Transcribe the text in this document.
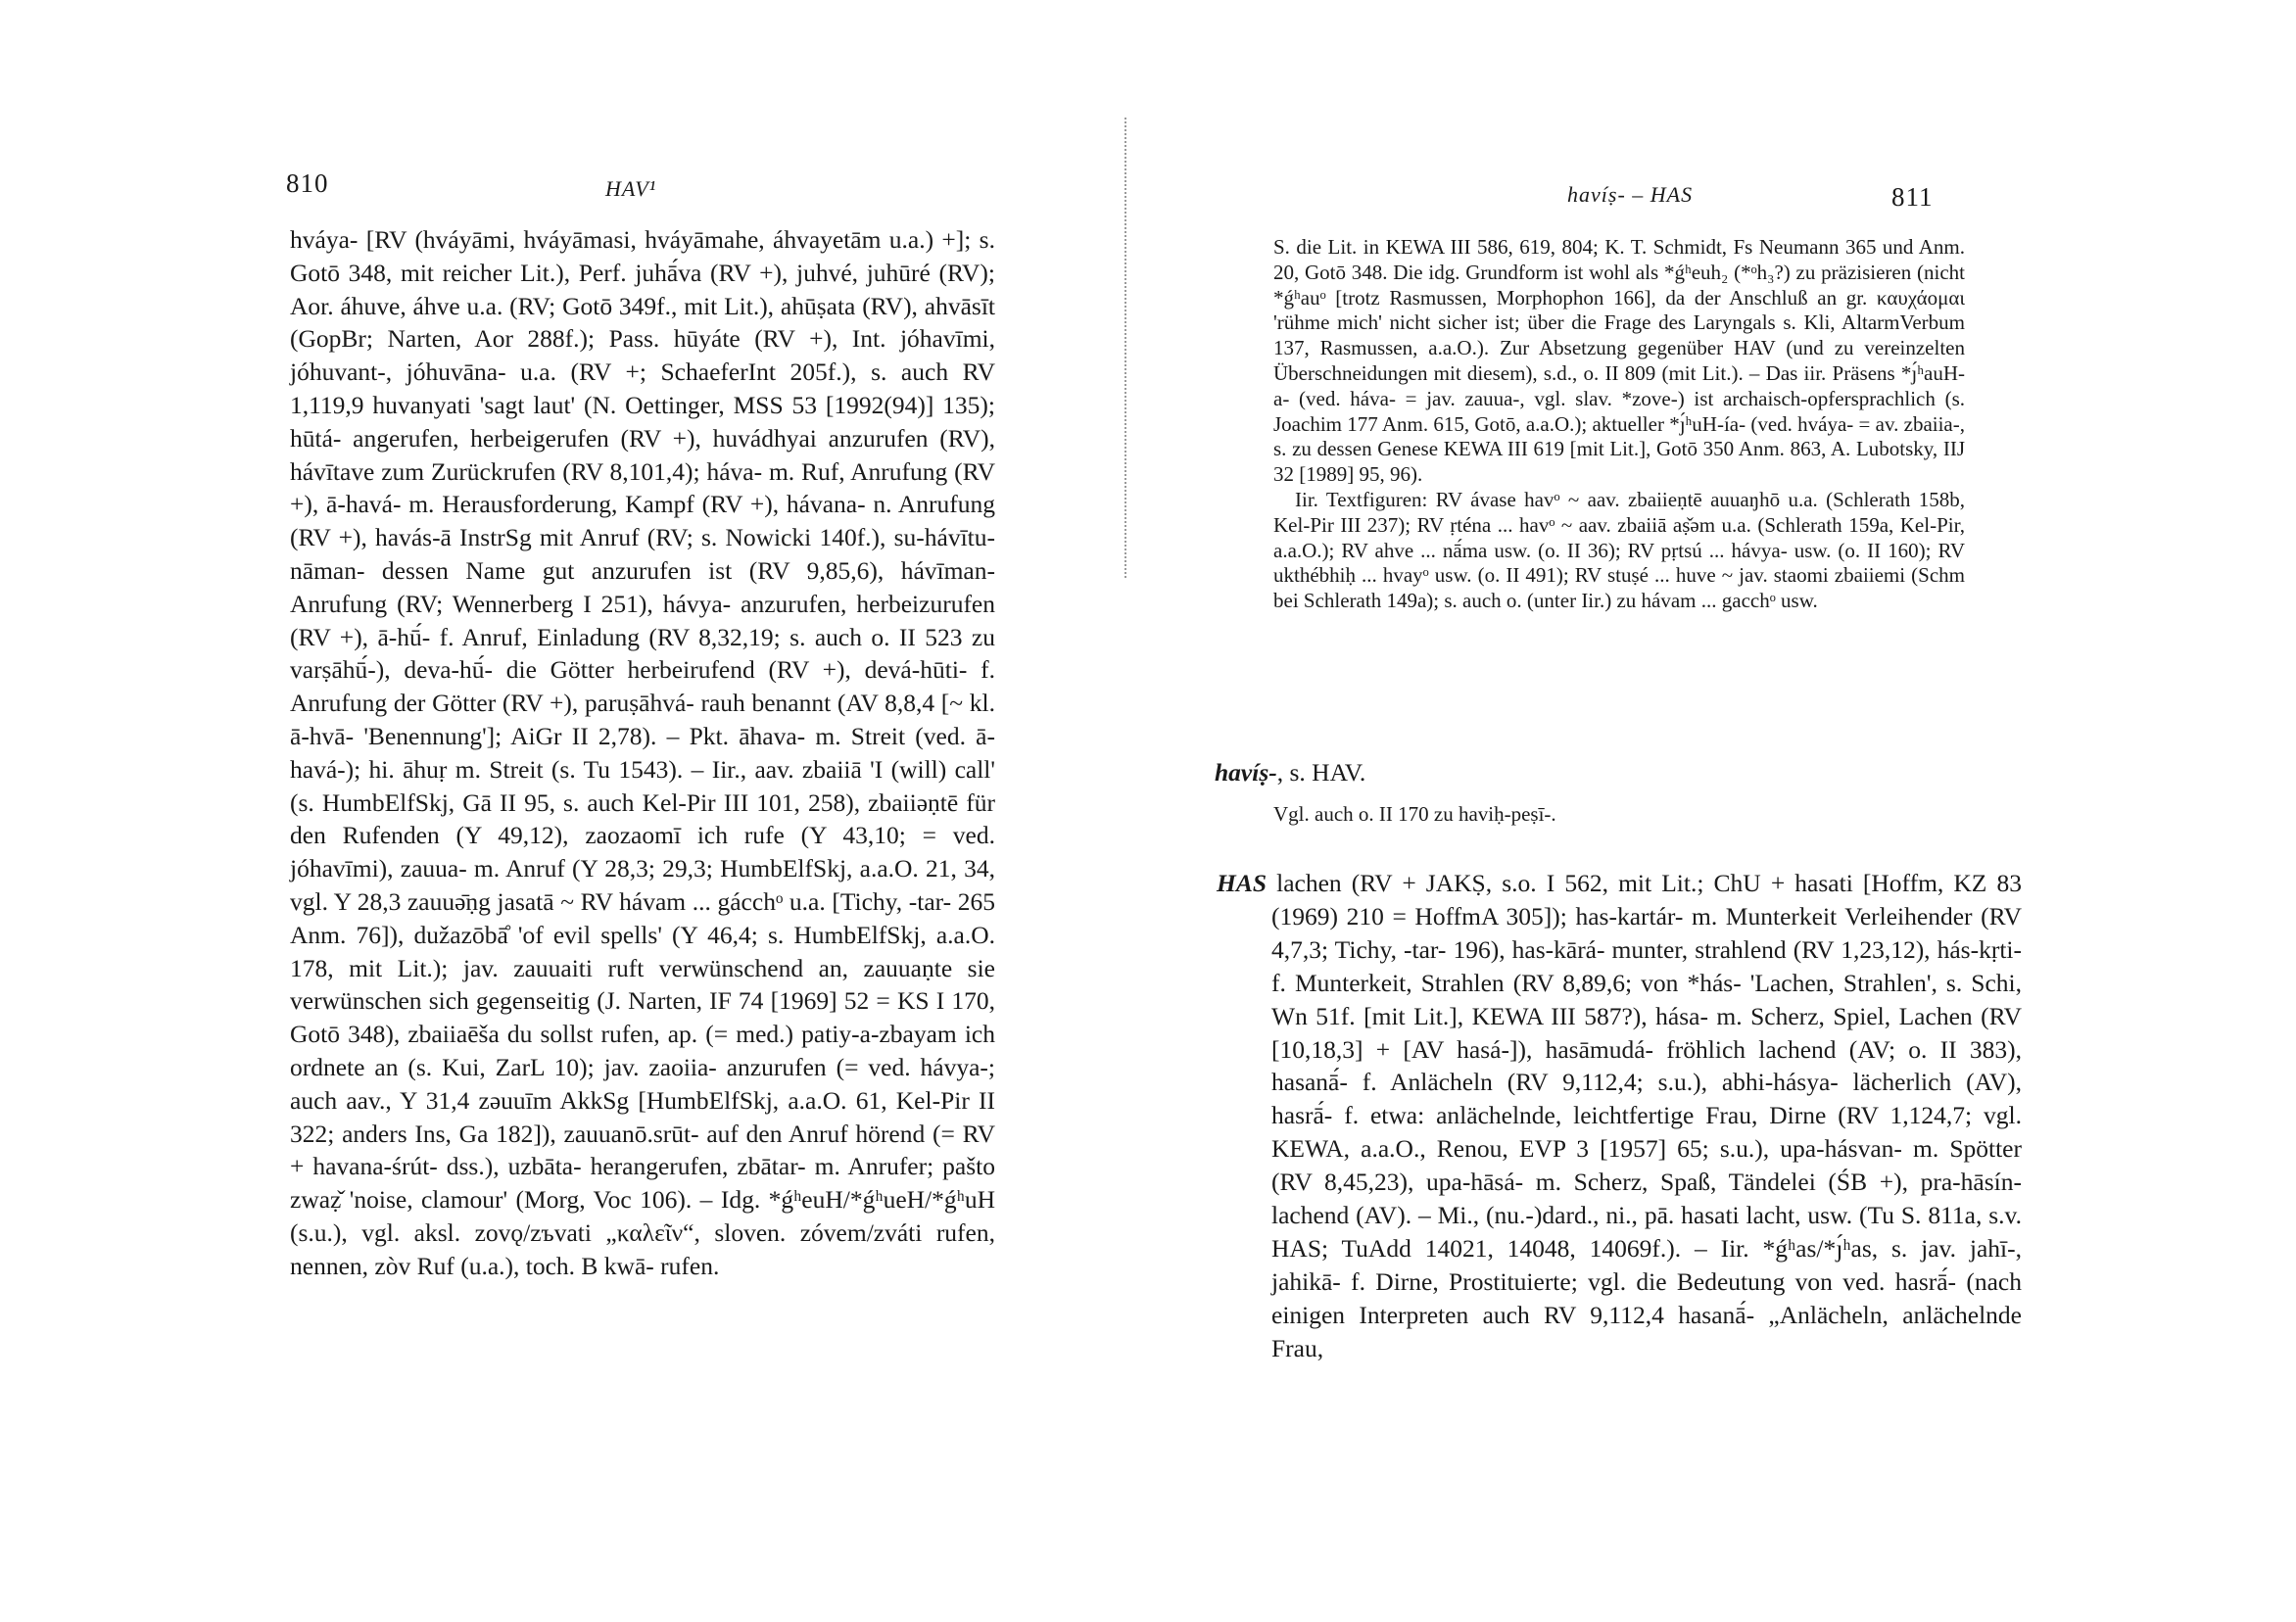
810	HAV¹

hváya- [RV (hváyāmi, hváyāmasi, hváyāmahe, áhvayetām u.a.) +]; s. Gotō 348, mit reicher Lit.), Perf. juhā́va (RV +), juhvé, juhūré (RV); Aor. áhuve, áhve u.a. (RV; Gotō 349f., mit Lit.), ahūṣata (RV), ahvāsīt (GopBr; Narten, Aor 288f.); Pass. hūyáte (RV +), Int. jóhavīmi, jóhuvant-, jóhuvāna- u.a. (RV +; SchaeferInt 205f.), s. auch RV 1,119,9 huvanyati 'sagt laut' (N. Oettinger, MSS 53 [1992(94)] 135); hūtá- angerufen, herbeigerufen (RV +), huvádhyai anzurufen (RV), hávītave zum Zurückrufen (RV 8,101,4); háva- m. Ruf, Anrufung (RV +), ā-havá- m. Herausforderung, Kampf (RV +), hávana- n. Anrufung (RV +), havás-ā InstrSg mit Anruf (RV; s. Nowicki 140f.), su-hávītu-nāman- dessen Name gut anzurufen ist (RV 9,85,6), hávīman- Anrufung (RV; Wennerberg I 251), hávya- anzurufen, herbeizurufen (RV +), ā-hū́- f. Anruf, Einladung (RV 8,32,19; s. auch o. II 523 zu varṣāhū́-), deva-hū́- die Götter herbeirufend (RV +), devá-hūti- f. Anrufung der Götter (RV +), paruṣāhvá- rauh benannt (AV 8,8,4 [~ kl. ā-hvā- 'Benennung']; AiGr II 2,78). – Pkt. āhava- m. Streit (ved. ā-havá-); hi. āhuṛ m. Streit (s. Tu 1543). – Iir., aav. zbaiiā 'I (will) call' (s. HumbElfSkj, Gā II 95, s. auch Kel-Pir III 101, 258), zbaiiəṇtē für den Rufenden (Y 49,12), zaozaomī ich rufe (Y 43,10; = ved. jóhavīmi), zauua- m. Anruf (Y 28,3; 29,3; HumbElfSkj, a.a.O. 21, 34, vgl. Y 28,3 zauuə̄ṇg jasatā ~ RV hávam ... gácchᵒ u.a. [Tichy, -tar- 265 Anm. 76]), dužazōbā̊ 'of evil spells' (Y 46,4; s. HumbElfSkj, a.a.O. 178, mit Lit.); jav. zauuaiti ruft verwünschend an, zauuaṇte sie verwünschen sich gegenseitig (J. Narten, IF 74 [1969] 52 = KS I 170, Gotō 348), zbaiiaēša du sollst rufen, ap. (= med.) patiy-a-zbayam ich ordnete an (s. Kui, ZarL 10); jav. zaoiia- anzurufen (= ved. hávya-; auch aav., Y 31,4 zəuuīm AkkSg [HumbElfSkj, a.a.O. 61, Kel-Pir II 322; anders Ins, Ga 182]), zauuanō.srūt- auf den Anruf hörend (= RV + havana-śrút- dss.), uzbāta- herangerufen, zbātar- m. Anrufer; pašto zwaẓ̌ 'noise, clamour' (Morg, Voc 106). – Idg. *ǵʰeuH/*ǵʰueH/*ǵʰuH (s.u.), vgl. aksl. zovǫ/zъvati „καλεῖν“, sloven. zóvem/zváti rufen, nennen, zòv Ruf (u.a.), toch. B kwā- rufen.

havíṣ- – HAS	811

S. die Lit. in KEWA III 586, 619, 804; K. T. Schmidt, Fs Neumann 365 und Anm. 20, Gotō 348. Die idg. Grundform ist wohl als *ǵʰeuh₂ (*ᵒh₃?) zu präzisieren (nicht *ǵʰauᵒ [trotz Rasmussen, Morphophon 166], da der Anschluß an gr. καυχάομαι 'rühme mich' nicht sicher ist; über die Frage des Laryngals s. Kli, AltarmVerbum 137, Rasmussen, a.a.O.). Zur Absetzung gegenüber HAV (und zu vereinzelten Überschneidungen mit diesem), s.d., o. II 809 (mit Lit.). – Das iir. Präsens *ȷ́ʰauH-a- (ved. háva- = jav. zauua-, vgl. slav. *zove-) ist archaisch-opfersprachlich (s. Joachim 177 Anm. 615, Gotō, a.a.O.); aktueller *ȷ́ʰuH-ía- (ved. hváya- = av. zbaiia-, s. zu dessen Genese KEWA III 619 [mit Lit.], Gotō 350 Anm. 863, A. Lubotsky, IIJ 32 [1989] 95, 96).

Iir. Textfiguren: RV ávase havᵒ ~ aav. zbaiieṇtē auuaŋhō u.a. (Schlerath 158b, Kel-Pir III 237); RV ṛténa ... havᵒ ~ aav. zbaiiā aṣ̌əm u.a. (Schlerath 159a, Kel-Pir, a.a.O.); RV ahve ... nā́ma usw. (o. II 36); RV pṛtsú ... hávya- usw. (o. II 160); RV ukthébhiḥ ... hvayᵒ usw. (o. II 491); RV stuṣé ... huve ~ jav. staomi zbaiiemi (Schm bei Schlerath 149a); s. auch o. (unter Iir.) zu hávam ... gacchᵒ usw.

havíṣ-, s. HAV.

Vgl. auch o. II 170 zu haviḥ-peṣī-.

HAS lachen (RV + JAKṢ, s.o. I 562, mit Lit.; ChU + hasati [Hoffm, KZ 83 (1969) 210 = HoffmA 305]); has-kartár- m. Munterkeit Verleihender (RV 4,7,3; Tichy, -tar- 196), has-kārá- munter, strahlend (RV 1,23,12), hás-kṛti- f. Munterkeit, Strahlen (RV 8,89,6; von *hás- 'Lachen, Strahlen', s. Schi, Wn 51f. [mit Lit.], KEWA III 587?), hása- m. Scherz, Spiel, Lachen (RV [10,18,3] + [AV hasá-]), hasāmudá- fröhlich lachend (AV; o. II 383), hasanā́- f. Anlächeln (RV 9,112,4; s.u.), abhi-hásya- lächerlich (AV), hasrā́- f. etwa: anlächelnde, leichtfertige Frau, Dirne (RV 1,124,7; vgl. KEWA, a.a.O., Renou, EVP 3 [1957] 65; s.u.), upa-hásvan- m. Spötter (RV 8,45,23), upa-hāsá- m. Scherz, Spaß, Tändelei (ŚB +), pra-hāsín- lachend (AV). – Mi., (nu.-)dard., ni., pā. hasati lacht, usw. (Tu S. 811a, s.v. HAS; TuAdd 14021, 14048, 14069f.). – Iir. *ǵʰas/*ȷ́ʰas, s. jav. jahī-, jahikā- f. Dirne, Prostituierte; vgl. die Bedeutung von ved. hasrā́- (nach einigen Interpreten auch RV 9,112,4 hasanā́- „Anlächeln, anlächelnde Frau,
